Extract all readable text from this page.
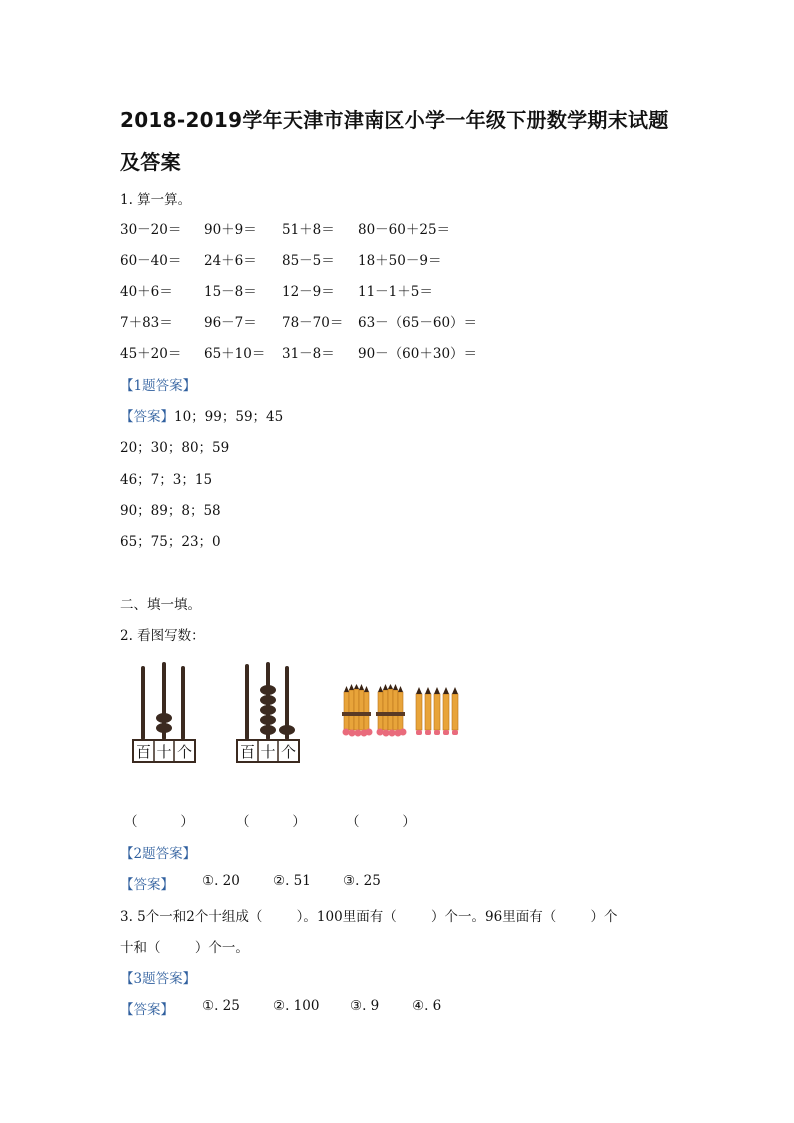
2018-2019学年天津市津南区小学一年级下册数学期末试题
及答案
1. 算一算。
30－20＝ 90＋9＝ 51＋8＝ 80－60＋25＝
60－40＝ 24＋6＝ 85－5＝ 18＋50－9＝
40＋6＝ 15－8＝ 12－9＝ 11－1＋5＝
7＋83＝ 96－7＝ 78－70＝ 63－（65－60）＝
45＋20＝ 65＋10＝ 31－8＝ 90－（60＋30）＝
【1题答案】
【答案】10；99；59；45
20；30；80；59
46；7；3；15
90；89；8；58
65；75；23；0
二、填一填。
2. 看图写数：
百 十 个	百 十 个
（          ）	（          ）	（          ）
【2题答案】
【答案】 ①. 20 ②. 51 ③. 25
3. 5个一和2个十组成（        ）。100里面有（        ）个一。96里面有（        ）个
十和（        ）个一。
【3题答案】
【答案】 ①. 25 ②. 100 ③. 9 ④. 6
